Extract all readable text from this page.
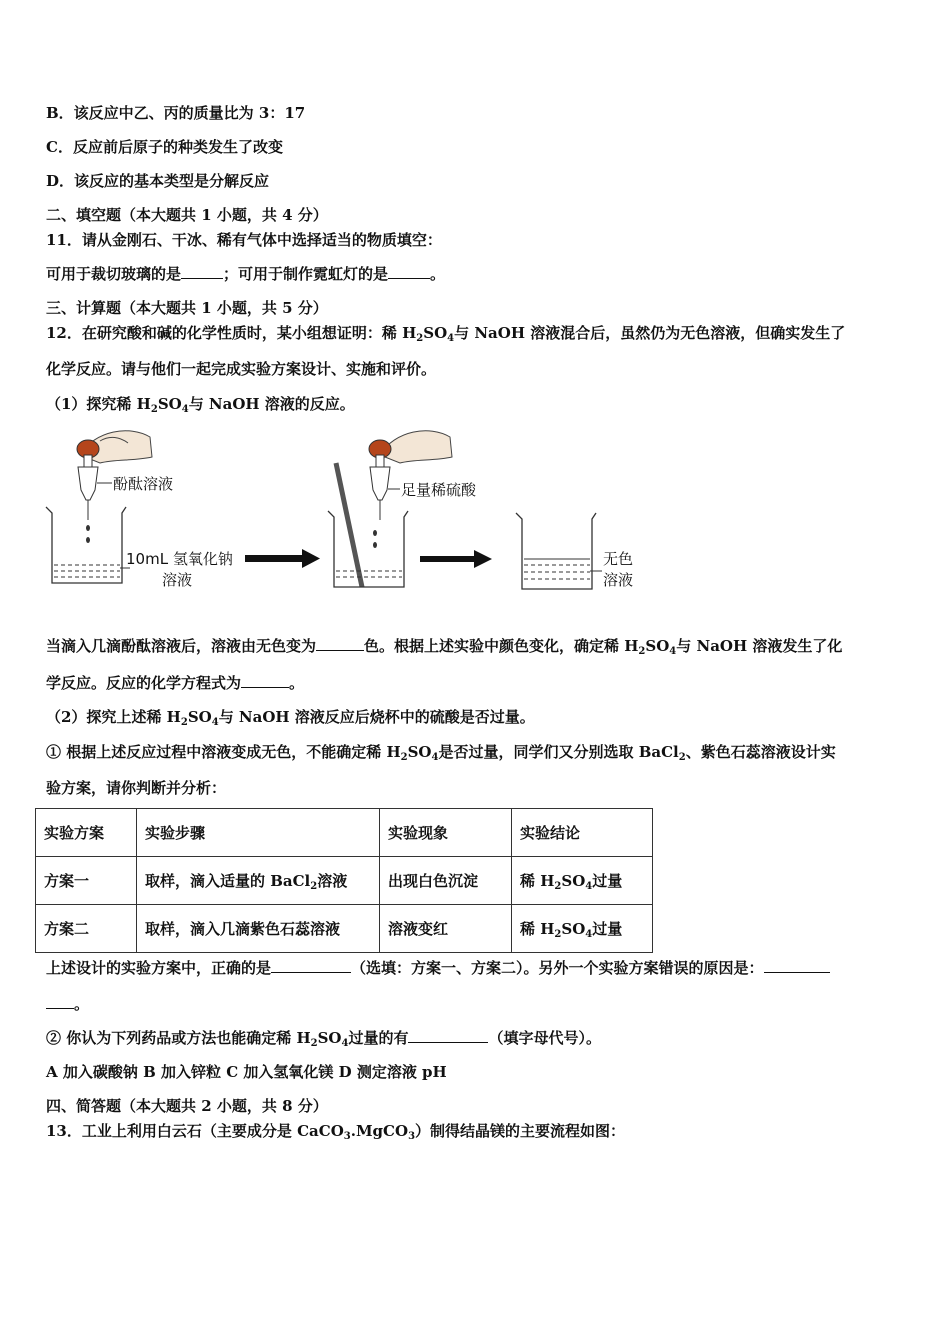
B．该反应中乙、丙的质量比为 3：17
C．反应前后原子的种类发生了改变
D．该反应的基本类型是分解反应
二、填空题（本大题共 1 小题，共 4 分）
11．请从金刚石、干冰、稀有气体中选择适当的物质填空：
可用于裁切玻璃的是	；可用于制作霓虹灯的是	。
三、计算题（本大题共 1 小题，共 5 分）
12．在研究酸和碱的化学性质时，某小组想证明：稀 $H_2SO_4$与 NaOH 溶液混合后，虽然仍为无色溶液，但确实发生了
化学反应。请与他们一起完成实验方案设计、实施和评价。
（1）探究稀 $H_2SO_4$与 NaOH 溶液的反应。
酚酞溶液
10mL 氢氧化钠
溶液
足量稀硫酸
无色
溶液
当滴入几滴酚酞溶液后，溶液由无色变为	色。根据上述实验中颜色变化，确定稀 $H_2SO_4$与 NaOH 溶液发生了化
学反应。反应的化学方程式为	。
（2）探究上述稀 $H_2SO_4$与 NaOH 溶液反应后烧杯中的硫酸是否过量。
① 根据上述反应过程中溶液变成无色，不能确定稀 $H_2SO_4$是否过量，同学们又分别选取 BaCl$_2$、紫色石蕊溶液设计实
验方案，请你判断并分析：
实验方案	实验步骤	实验现象	实验结论
方案一	取样，滴入适量的 BaCl$_2$溶液	出现白色沉淀	稀 $H_2SO_4$过量
方案二	取样，滴入几滴紫色石蕊溶液	溶液变红	稀 $H_2SO_4$过量
上述设计的实验方案中，正确的是	（选填：方案一、方案二）。另外一个实验方案错误的原因是：
。
② 你认为下列药品或方法也能确定稀 $H_2SO_4$过量的有	（填字母代号）。
A 加入碳酸钠 B 加入锌粒 C 加入氢氧化镁 D 测定溶液 pH
四、简答题（本大题共 2 小题，共 8 分）
13．工业上利用白云石（主要成分是 CaCO$_3$.MgCO$_3$）制得结晶镁的主要流程如图：
